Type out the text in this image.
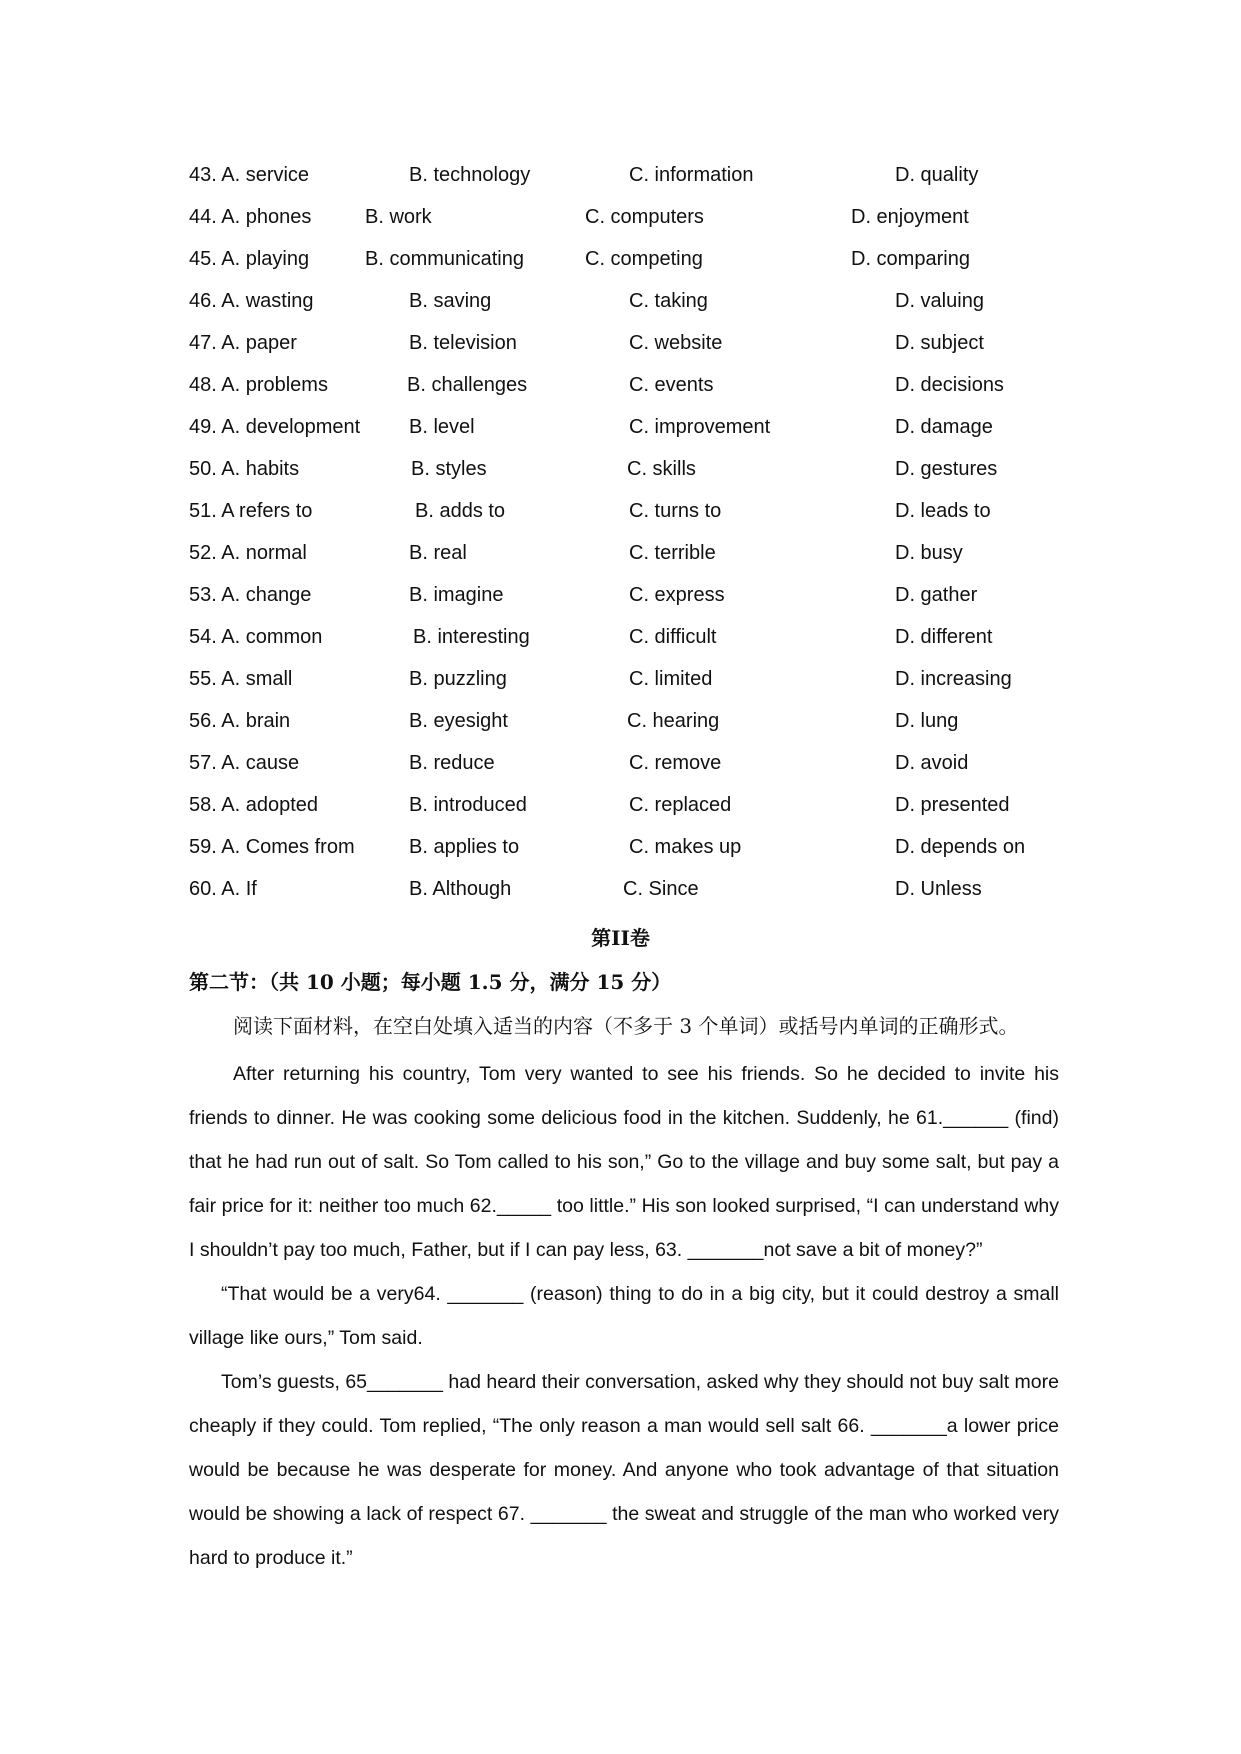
43. A. service	B. technology	C. information	D. quality
44. A. phones	B. work	C. computers	D. enjoyment
45. A. playing	B. communicating	C. competing	D. comparing
46. A. wasting	B. saving	C. taking	D. valuing
47. A. paper	B. television	C. website	D. subject
48. A. problems	B. challenges	C. events	D. decisions
49. A. development B. level	C. improvement	D. damage
50. A. habits	B. styles	C. skills	D. gestures
51. A refers to	B. adds to	C. turns to	D. leads to
52. A. normal	B. real	C. terrible	D. busy
53. A. change	B. imagine	C. express	D. gather
54. A. common	B. interesting	C. difficult	D. different
55. A. small	B. puzzling	C. limited	D. increasing
56. A. brain	B. eyesight	C. hearing	D. lung
57. A. cause	B. reduce	C. remove	D. avoid
58. A. adopted	B. introduced	C. replaced	D. presented
59. A. Comes from	B. applies to	C. makes up	D. depends on
60. A. If	B. Although	C. Since	D. Unless
第II卷
第二节：（共 10 小题；每小题 1.5 分，满分 15 分）
阅读下面材料，在空白处填入适当的内容（不多于 3 个单词）或括号内单词的正确形式。

After returning his country, Tom very wanted to see his friends. So he decided to invite his friends to dinner. He was cooking some delicious food in the kitchen. Suddenly, he 61.______ (find) that he had run out of salt. So Tom called to his son,” Go to the village and buy some salt, but pay a fair price for it: neither too much 62._____ too little.” His son looked surprised, “I can understand why I shouldn’t pay too much, Father, but if I can pay less, 63. _______not save a bit of money?”

“That would be a very64. _______ (reason) thing to do in a big city, but it could destroy a small village like ours,” Tom said.

Tom’s guests, 65_______ had heard their conversation, asked why they should not buy salt more cheaply if they could. Tom replied, “The only reason a man would sell salt 66. _______a lower price would be because he was desperate for money. And anyone who took advantage of that situation would be showing a lack of respect 67. _______ the sweat and struggle of the man who worked very hard to produce it.”
